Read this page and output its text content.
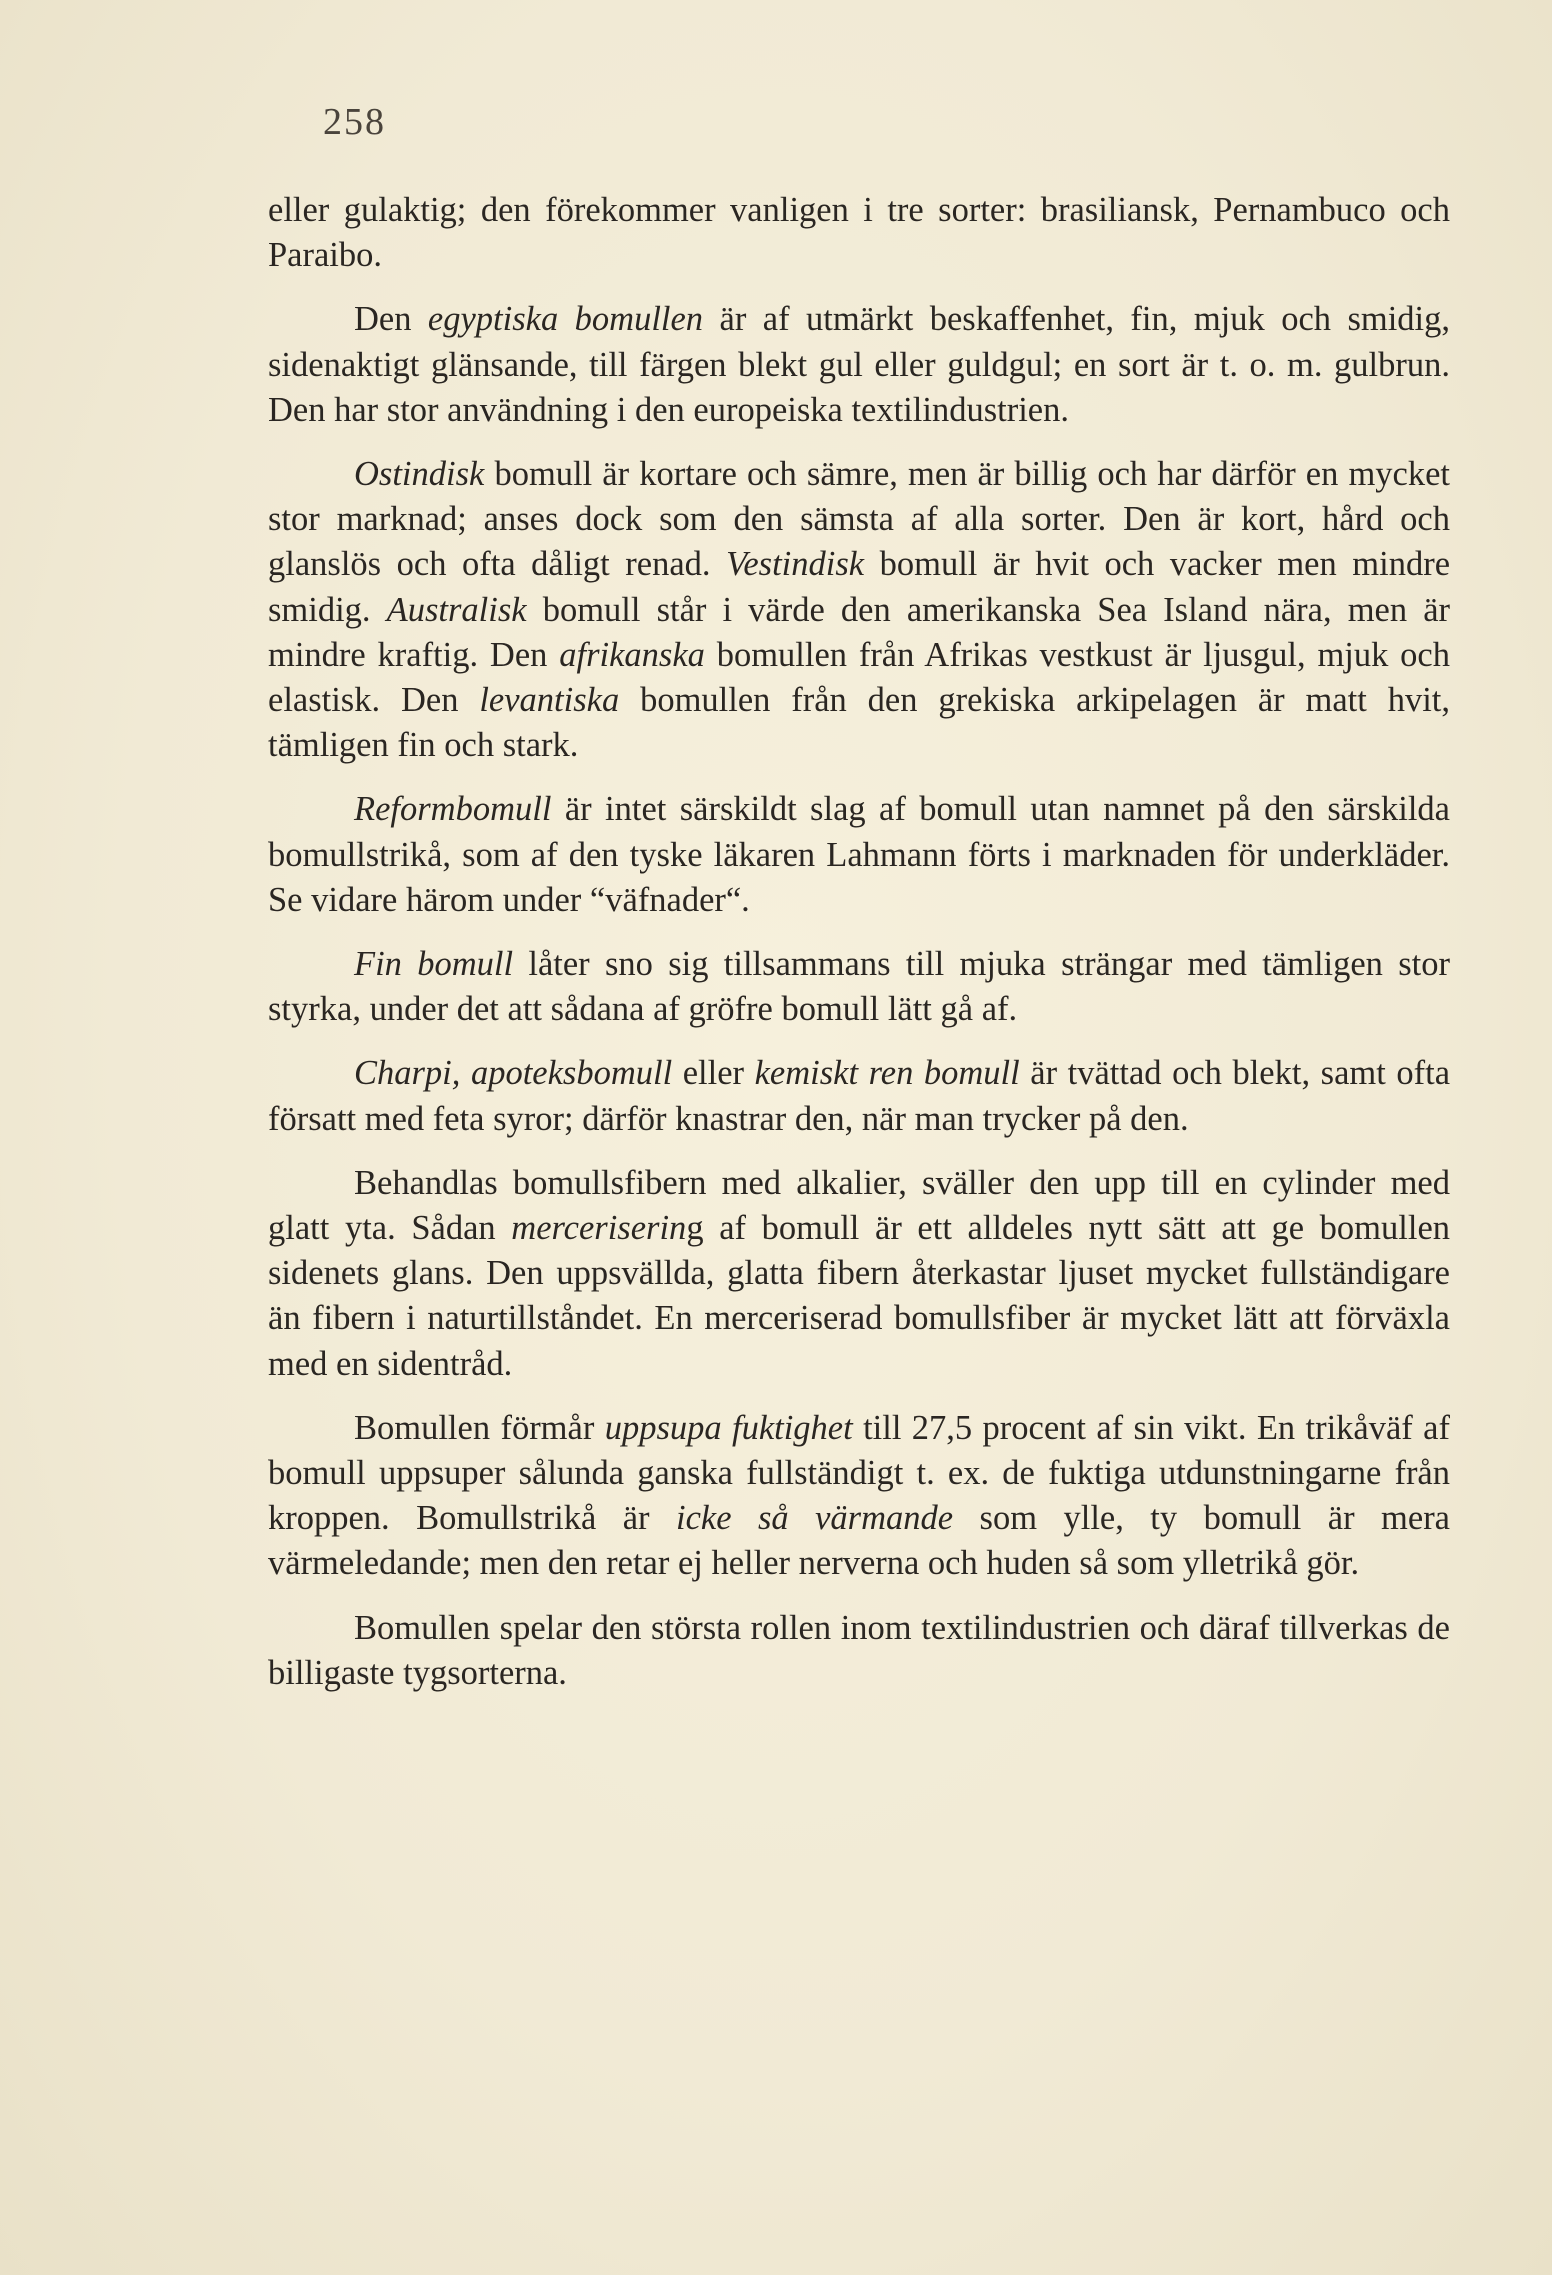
258

eller gulaktig; den förekommer vanligen i tre sorter: brasiliansk, Pernambuco och Paraibo.

Den egyptiska bomullen är af utmärkt beskaffenhet, fin, mjuk och smidig, sidenaktigt glänsande, till färgen blekt gul eller guldgul; en sort är t. o. m. gulbrun. Den har stor användning i den europeiska textilindustrien.

Ostindisk bomull är kortare och sämre, men är billig och har därför en mycket stor marknad; anses dock som den sämsta af alla sorter. Den är kort, hård och glanslös och ofta dåligt renad. Vestindisk bomull är hvit och vacker men mindre smidig. Australisk bomull står i värde den amerikanska Sea Island nära, men är mindre kraftig. Den afrikanska bomullen från Afrikas vestkust är ljusgul, mjuk och elastisk. Den levantiska bomullen från den grekiska arkipelagen är matt hvit, tämligen fin och stark.

Reformbomull är intet särskildt slag af bomull utan namnet på den särskilda bomullstrikå, som af den tyske läkaren Lahmann förts i marknaden för underkläder. Se vidare härom under “väfnader“.

Fin bomull låter sno sig tillsammans till mjuka strängar med tämligen stor styrka, under det att sådana af gröfre bomull lätt gå af.

Charpi, apoteksbomull eller kemiskt ren bomull är tvättad och blekt, samt ofta försatt med feta syror; därför knastrar den, när man trycker på den.

Behandlas bomullsfibern med alkalier, sväller den upp till en cylinder med glatt yta. Sådan mercerisering af bomull är ett alldeles nytt sätt att ge bomullen sidenets glans. Den uppsvällda, glatta fibern återkastar ljuset mycket fullständigare än fibern i naturtillståndet. En merceriserad bomullsfiber är mycket lätt att förväxla med en sidentråd.

Bomullen förmår uppsupa fuktighet till 27,5 procent af sin vikt. En trikåväf af bomull uppsuper sålunda ganska fullständigt t. ex. de fuktiga utdunstningarne från kroppen. Bomullstrikå är icke så värmande som ylle, ty bomull är mera värmeledande; men den retar ej heller nerverna och huden så som ylletrikå gör.

Bomullen spelar den största rollen inom textilindustrien och däraf tillverkas de billigaste tygsorterna.
